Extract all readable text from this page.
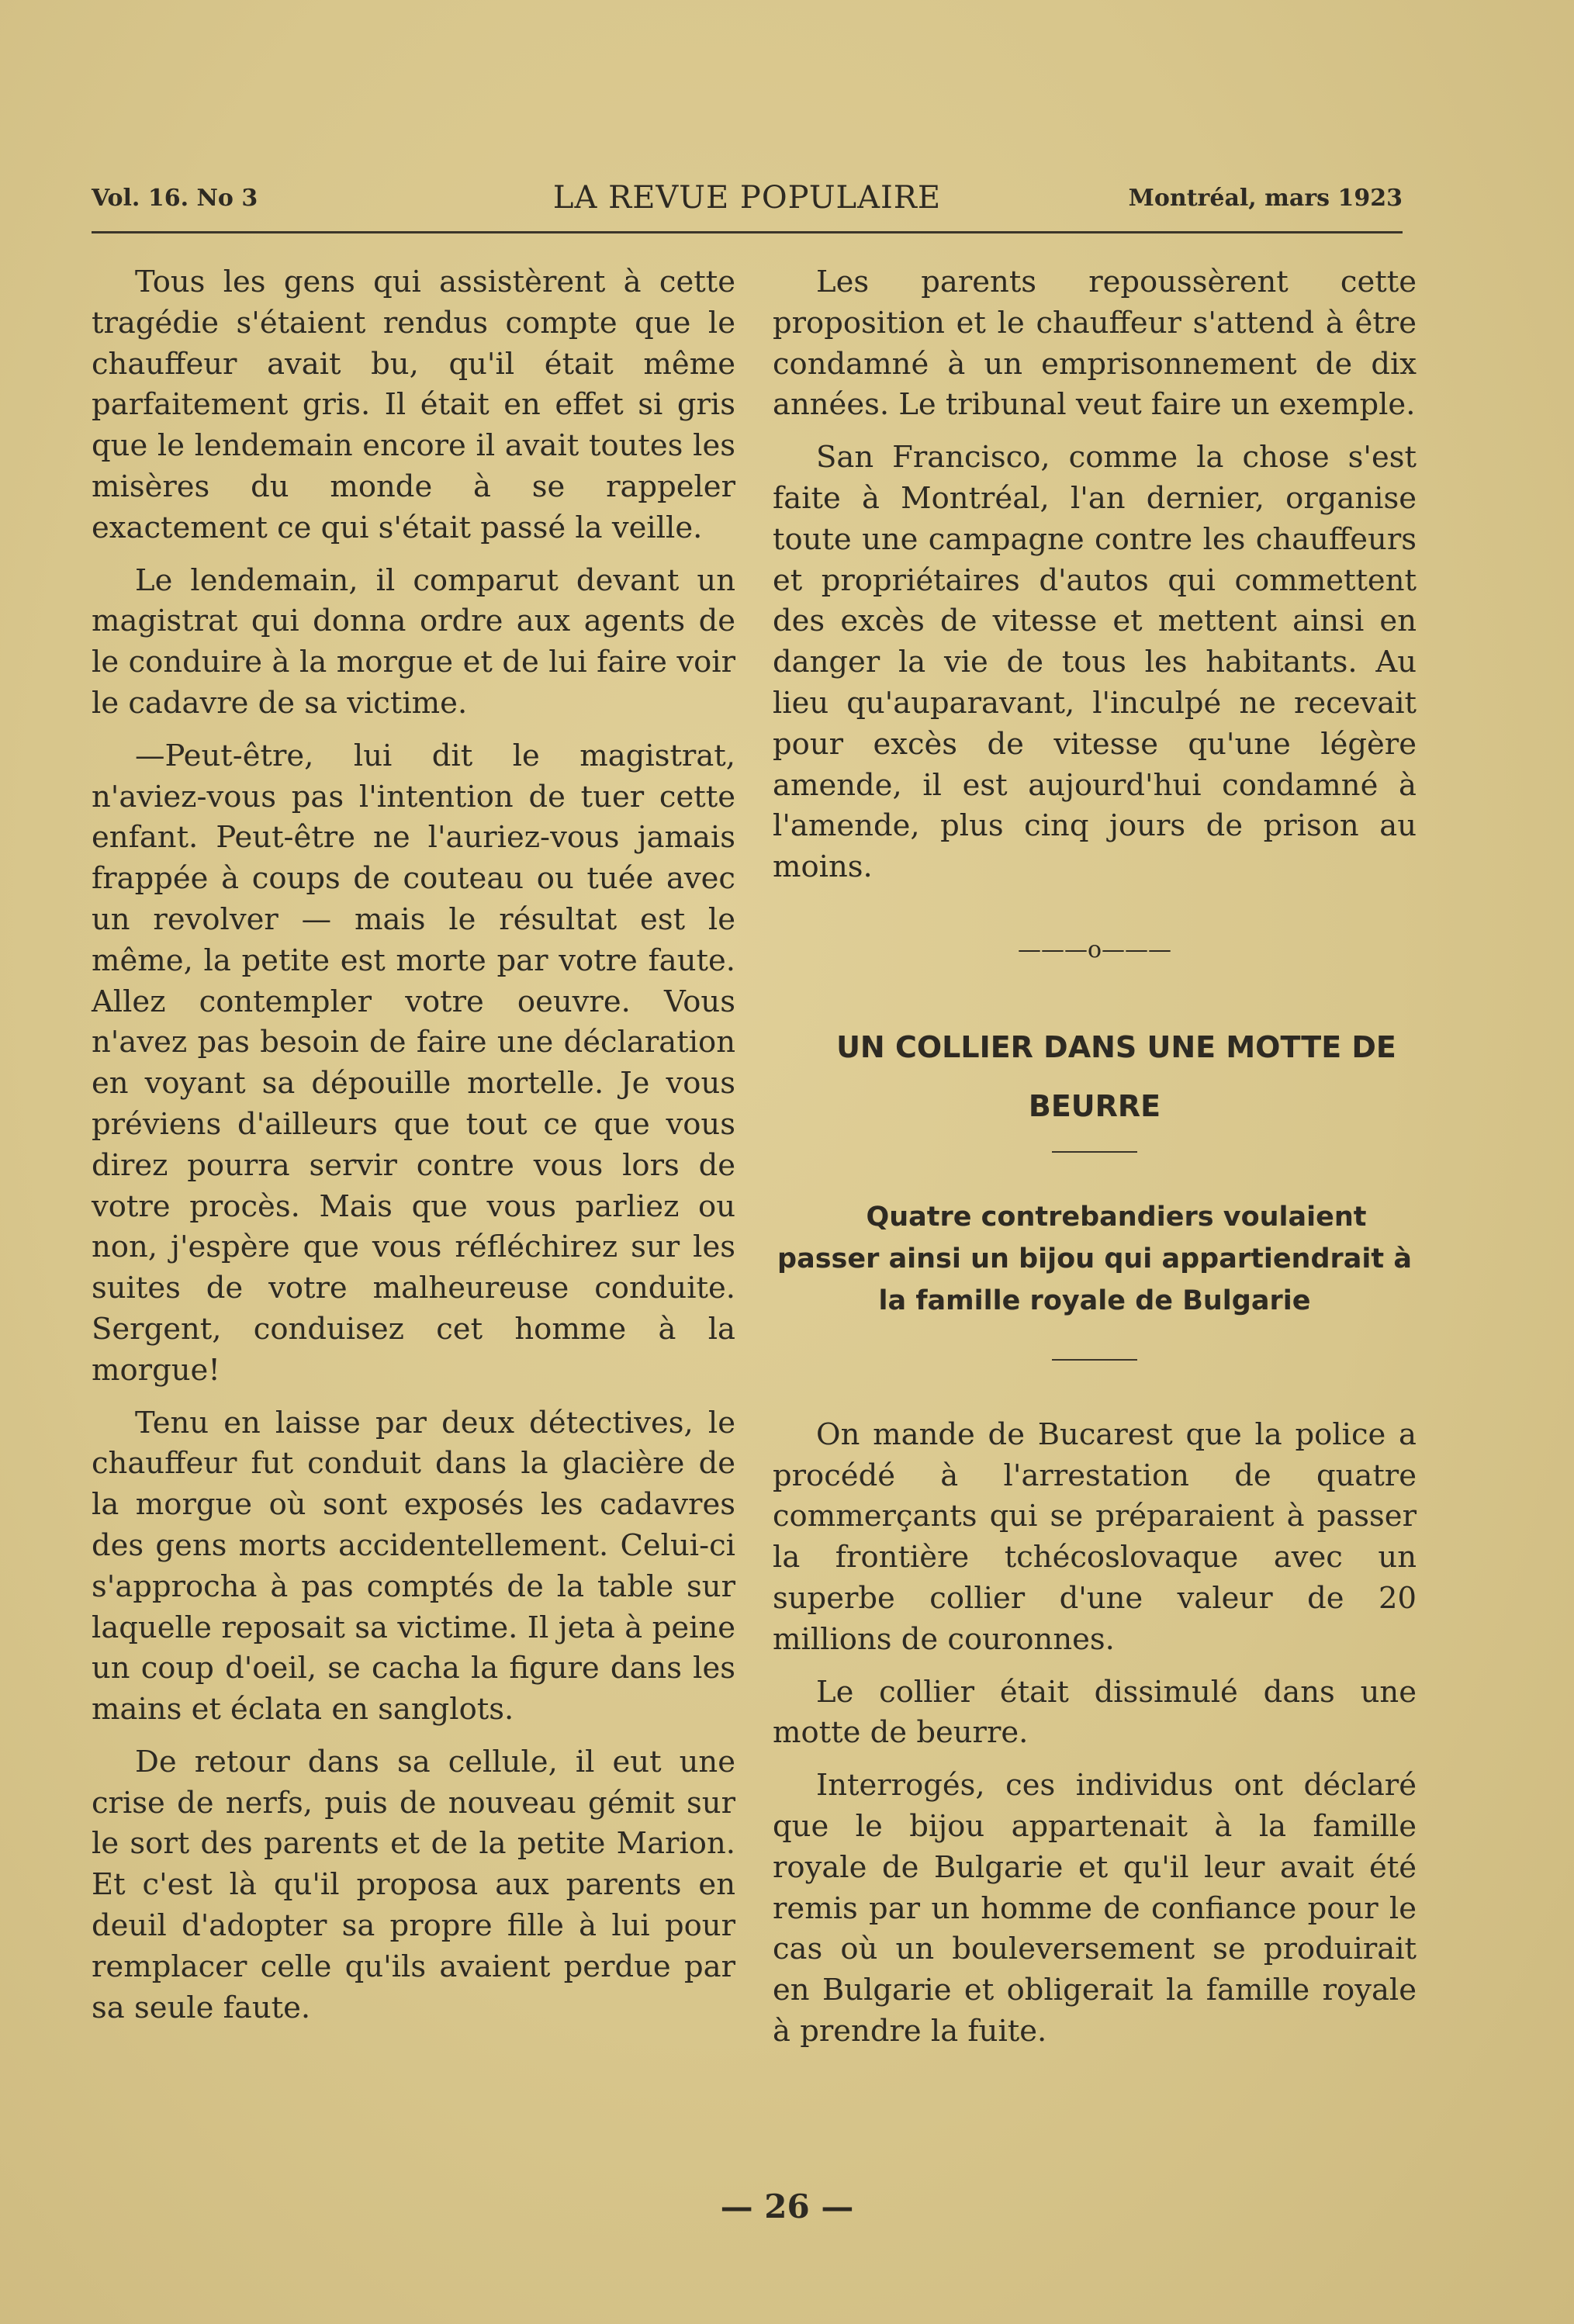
Vol. 16. No 3	LA REVUE POPULAIRE	Montréal, mars 1923

Tous les gens qui assistèrent à cette tragédie s'étaient rendus compte que le chauffeur avait bu, qu'il était même parfaitement gris. Il était en effet si gris que le lendemain encore il avait toutes les misères du monde à se rappeler exactement ce qui s'était passé la veille.

Le lendemain, il comparut devant un magistrat qui donna ordre aux agents de le conduire à la morgue et de lui faire voir le cadavre de sa victime.

—Peut-être, lui dit le magistrat, n'aviez-vous pas l'intention de tuer cette enfant. Peut-être ne l'auriez-vous jamais frappée à coups de couteau ou tuée avec un revolver — mais le résultat est le même, la petite est morte par votre faute. Allez contempler votre oeuvre. Vous n'avez pas besoin de faire une déclaration en voyant sa dépouille mortelle. Je vous préviens d'ailleurs que tout ce que vous direz pourra servir contre vous lors de votre procès. Mais que vous parliez ou non, j'espère que vous réfléchirez sur les suites de votre malheureuse conduite. Sergent, conduisez cet homme à la morgue!

Tenu en laisse par deux détectives, le chauffeur fut conduit dans la glacière de la morgue où sont exposés les cadavres des gens morts accidentellement. Celui-ci s'approcha à pas comptés de la table sur laquelle reposait sa victime. Il jeta à peine un coup d'oeil, se cacha la figure dans les mains et éclata en sanglots.

De retour dans sa cellule, il eut une crise de nerfs, puis de nouveau gémit sur le sort des parents et de la petite Marion. Et c'est là qu'il proposa aux parents en deuil d'adopter sa propre fille à lui pour remplacer celle qu'ils avaient perdue par sa seule faute.

Les parents repoussèrent cette proposition et le chauffeur s'attend à être condamné à un emprisonnement de dix années. Le tribunal veut faire un exemple.

San Francisco, comme la chose s'est faite à Montréal, l'an dernier, organise toute une campagne contre les chauffeurs et propriétaires d'autos qui commettent des excès de vitesse et mettent ainsi en danger la vie de tous les habitants. Au lieu qu'auparavant, l'inculpé ne recevait pour excès de vitesse qu'une légère amende, il est aujourd'hui condamné à l'amende, plus cinq jours de prison au moins.

———o———

UN COLLIER DANS UNE MOTTE DE BEURRE

Quatre contrebandiers voulaient passer ainsi un bijou qui appartiendrait à la famille royale de Bulgarie

On mande de Bucarest que la police a procédé à l'arrestation de quatre commerçants qui se préparaient à passer la frontière tchécoslovaque avec un superbe collier d'une valeur de 20 millions de couronnes.

Le collier était dissimulé dans une motte de beurre.

Interrogés, ces individus ont déclaré que le bijou appartenait à la famille royale de Bulgarie et qu'il leur avait été remis par un homme de confiance pour le cas où un bouleversement se produirait en Bulgarie et obligerait la famille royale à prendre la fuite.

— 26 —
